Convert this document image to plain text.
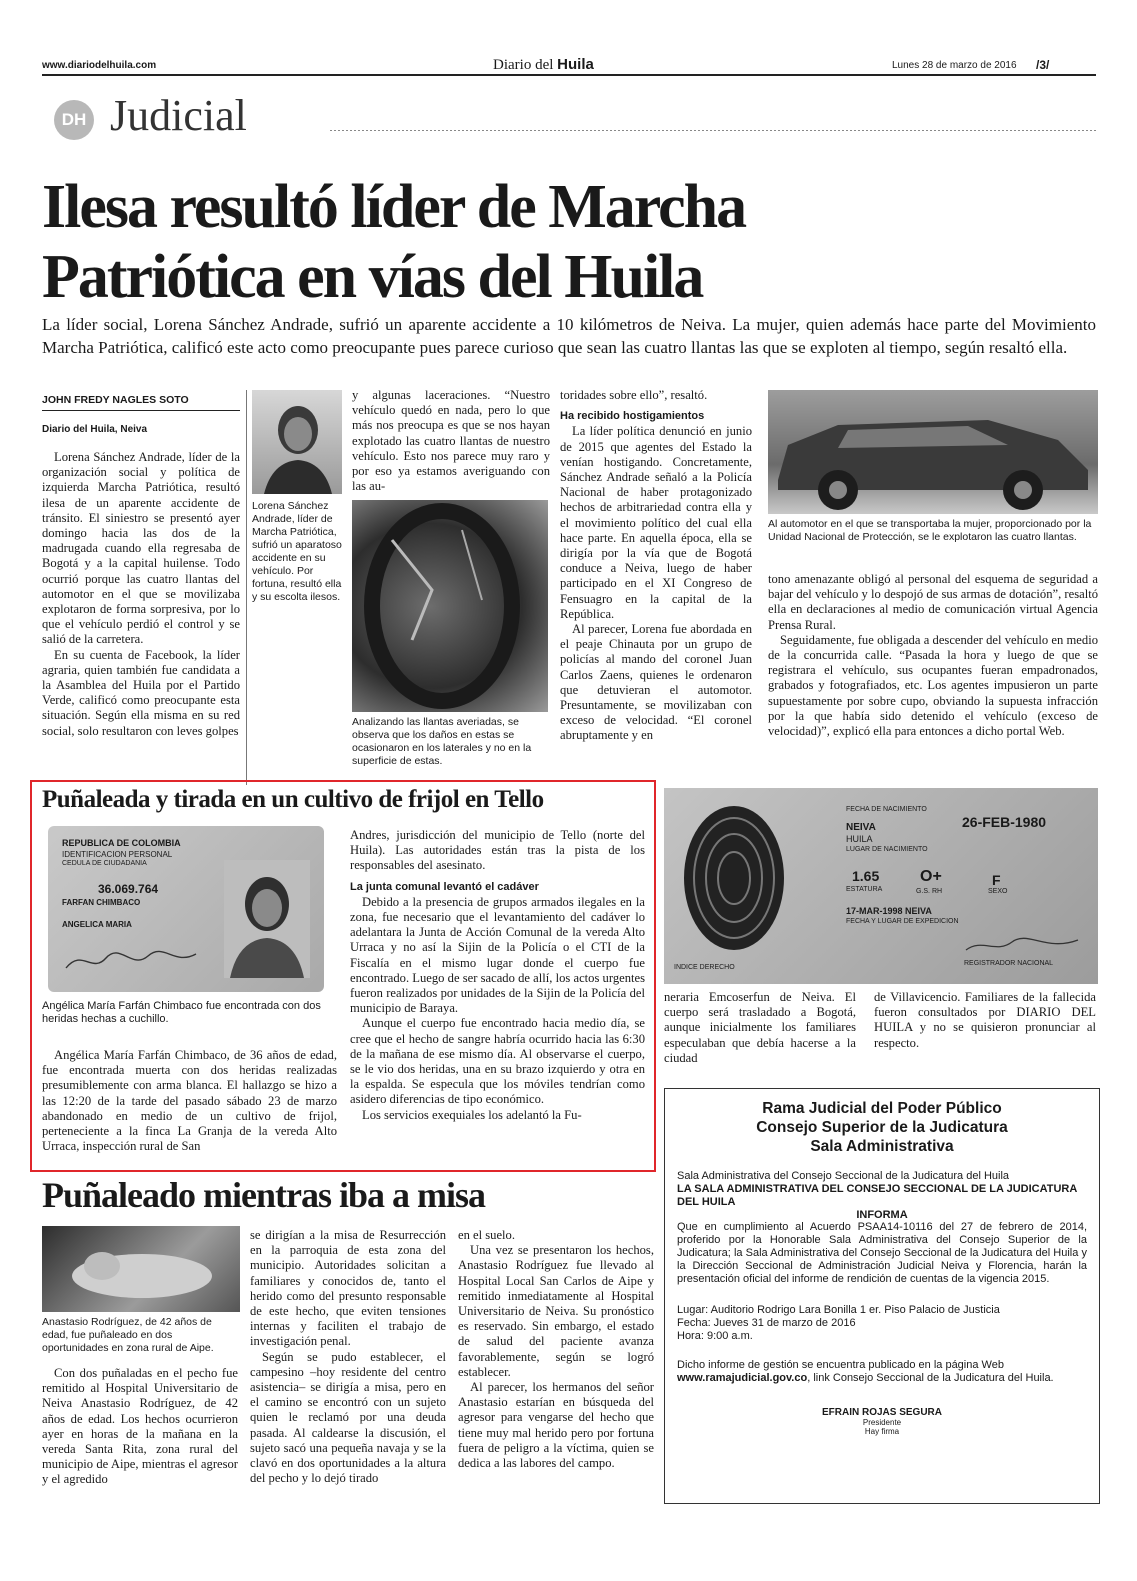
www.diariodelhuila.com	Diario del Huila	Lunes 28 de marzo de 2016 /3/
DH Judicial
Ilesa resultó líder de Marcha
Patriótica en vías del Huila
La líder social, Lorena Sánchez Andrade, sufrió un aparente accidente a 10 kilómetros de Neiva. La mujer, quien además hace parte del Movimiento Marcha Patriótica, calificó este acto como preocupante pues parece curioso que sean las cuatro llantas las que se exploten al tiempo, según resaltó ella.
JOHN FREDY NAGLES SOTO
Diario del Huila, Neiva

Lorena Sánchez Andrade, líder de la organización social y política de izquierda Marcha Patriótica, resultó ilesa de un aparente accidente de tránsito. El siniestro se presentó ayer domingo hacia las dos de la madrugada cuando ella regresaba de Bogotá y a la capital huilense. Todo ocurrió porque las cuatro llantas del automotor en el que se movilizaba explotaron de forma sorpresiva, por lo que el vehículo perdió el control y se salió de la carretera.

En su cuenta de Facebook, la líder agraria, quien también fue candidata a la Asamblea del Huila por el Partido Verde, calificó como preocupante esta situación. Según ella misma en su red social, solo resultaron con leves golpes

Lorena Sánchez Andrade, líder de Marcha Patriótica, sufrió un aparatoso accidente en su vehículo. Por fortuna, resultó ella y su escolta ilesos.

y algunas laceraciones. “Nuestro vehículo quedó en nada, pero lo que más nos preocupa es que se nos hayan explotado las cuatro llantas de nuestro vehículo. Esto nos parece muy raro y por eso ya estamos averiguando con las au-

Analizando las llantas averiadas, se observa que los daños en estas se ocasionaron en los laterales y no en la superficie de estas.

toridades sobre ello”, resaltó.

Ha recibido hostigamientos

La líder política denunció en junio de 2015 que agentes del Estado la venían hostigando. Concretamente, Sánchez Andrade señaló a la Policía Nacional de haber protagonizado hechos de arbitrariedad contra ella y el movimiento político del cual ella hace parte. En aquella época, ella se dirigía por la vía que de Bogotá conduce a Neiva, luego de haber participado en el XI Congreso de Fensuagro en la capital de la República.

Al parecer, Lorena fue abordada en el peaje Chinauta por un grupo de policías al mando del coronel Juan Carlos Zaens, quienes le ordenaron que detuvieran el automotor. Presuntamente, se movilizaban con exceso de velocidad. “El coronel abruptamente y en

Al automotor en el que se transportaba la mujer, proporcionado por la Unidad Nacional de Protección, se le explotaron las cuatro llantas.

tono amenazante obligó al personal del esquema de seguridad a bajar del vehículo y lo despojó de sus armas de dotación”, resaltó ella en declaraciones al medio de comunicación virtual Agencia Prensa Rural.

Seguidamente, fue obligada a descender del vehículo en medio de la concurrida calle. “Pasada la hora y luego de que se registrara el vehículo, sus ocupantes fueran empadronados, grabados y fotografiados, etc. Los agentes impusieron un parte supuestamente por sobre cupo, obviando la supuesta infracción por la que había sido detenido el vehículo (exceso de velocidad)”, explicó ella para entonces a dicho portal Web.

Puñaleada y tirada en un cultivo de frijol en Tello
REPUBLICA DE COLOMBIA
IDENTIFICACION PERSONAL
CEDULA DE CIUDADANIA
36.069.764
FARFAN CHIMBACO
ANGELICA MARIA
Angélica María Farfán Chimbaco fue encontrada con dos heridas hechas a cuchillo.

Angélica María Farfán Chimbaco, de 36 años de edad, fue encontrada muerta con dos heridas realizadas presumiblemente con arma blanca. El hallazgo se hizo a las 12:20 de la tarde del pasado sábado 23 de marzo abandonado en medio de un cultivo de frijol, perteneciente a la finca La Granja de la vereda Alto Urraca, inspección rural de San

Andres, jurisdicción del municipio de Tello (norte del Huila). Las autoridades están tras la pista de los responsables del asesinato.

La junta comunal levantó el cadáver

Debido a la presencia de grupos armados ilegales en la zona, fue necesario que el levantamiento del cadáver lo adelantara la Junta de Acción Comunal de la vereda Alto Urraca y no así la Sijin de la Policía o el CTI de la Fiscalía en el mismo lugar donde el cuerpo fue encontrado. Luego de ser sacado de allí, los actos urgentes fueron realizados por unidades de la Sijin de la Policía del municipio de Baraya.

Aunque el cuerpo fue encontrado hacia medio día, se cree que el hecho de sangre habría ocurrido hacia las 6:30 de la mañana de ese mismo día. Al observarse el cuerpo, se le vio dos heridas, una en su brazo izquierdo y otra en la espalda. Se especula que los móviles tendrían como asidero diferencias de tipo económico.

Los servicios exequiales los adelantó la Fu-

INDICE DERECHO
FECHA DE NACIMIENTO
26-FEB-1980
NEIVA
HUILA
LUGAR DE NACIMIENTO
1.65
ESTATURA
O+
G.S. RH
F
SEXO
17-MAR-1998 NEIVA
FECHA Y LUGAR DE EXPEDICION
REGISTRADOR NACIONAL

neraria Emcoserfun de Neiva. El cuerpo será trasladado a Bogotá, aunque inicialmente los familiares especulaban que debía hacerse a la ciudad

de Villavicencio. Familiares de la fallecida fueron consultados por DIARIO DEL HUILA y no se quisieron pronunciar al respecto.

Puñaleado mientras iba a misa
Anastasio Rodríguez, de 42 años de edad, fue puñaleado en dos oportunidades en zona rural de Aipe.

Con dos puñaladas en el pecho fue remitido al Hospital Universitario de Neiva Anastasio Rodríguez, de 42 años de edad. Los hechos ocurrieron ayer en horas de la mañana en la vereda Santa Rita, zona rural del municipio de Aipe, mientras el agresor y el agredido

se dirigían a la misa de Resurrección en la parroquia de esta zona del municipio. Autoridades solicitan a familiares y conocidos de, tanto el herido como del presunto responsable de este hecho, que eviten tensiones internas y faciliten el trabajo de investigación penal.

Según se pudo establecer, el campesino –hoy residente del centro asistencia– se dirigía a misa, pero en el camino se encontró con un sujeto quien le reclamó por una deuda pasada. Al caldearse la discusión, el sujeto sacó una pequeña navaja y se la clavó en dos oportunidades a la altura del pecho y lo dejó tirado

en el suelo.

Una vez se presentaron los hechos, Anastasio Rodríguez fue llevado al Hospital Local San Carlos de Aipe y remitido inmediatamente al Hospital Universitario de Neiva. Su pronóstico es reservado. Sin embargo, el estado de salud del paciente avanza favorablemente, según se logró establecer.

Al parecer, los hermanos del señor Anastasio estarían en búsqueda del agresor para vengarse del hecho que tiene muy mal herido pero por fortuna fuera de peligro a la víctima, quien se dedica a las labores del campo.

Rama Judicial del Poder Público
Consejo Superior de la Judicatura
Sala Administrativa
Sala Administrativa del Consejo Seccional de la Judicatura del Huila
LA SALA ADMINISTRATIVA DEL CONSEJO SECCIONAL DE LA JUDICATURA DEL HUILA
INFORMA
Que en cumplimiento al Acuerdo PSAA14-10116 del 27 de febrero de 2014, proferido por la Honorable Sala Administrativa del Consejo Superior de la Judicatura; la Sala Administrativa del Consejo Seccional de la Judicatura del Huila y la Dirección Seccional de Administración Judicial Neiva y Florencia, harán la presentación oficial del informe de rendición de cuentas de la vigencia 2015.
Lugar: Auditorio Rodrigo Lara Bonilla 1 er. Piso Palacio de Justicia
Fecha: Jueves 31 de marzo de 2016
Hora: 9:00 a.m.
Dicho informe de gestión se encuentra publicado en la página Web www.ramajudicial.gov.co, link Consejo Seccional de la Judicatura del Huila.
EFRAIN ROJAS SEGURA
Presidente
Hay firma
